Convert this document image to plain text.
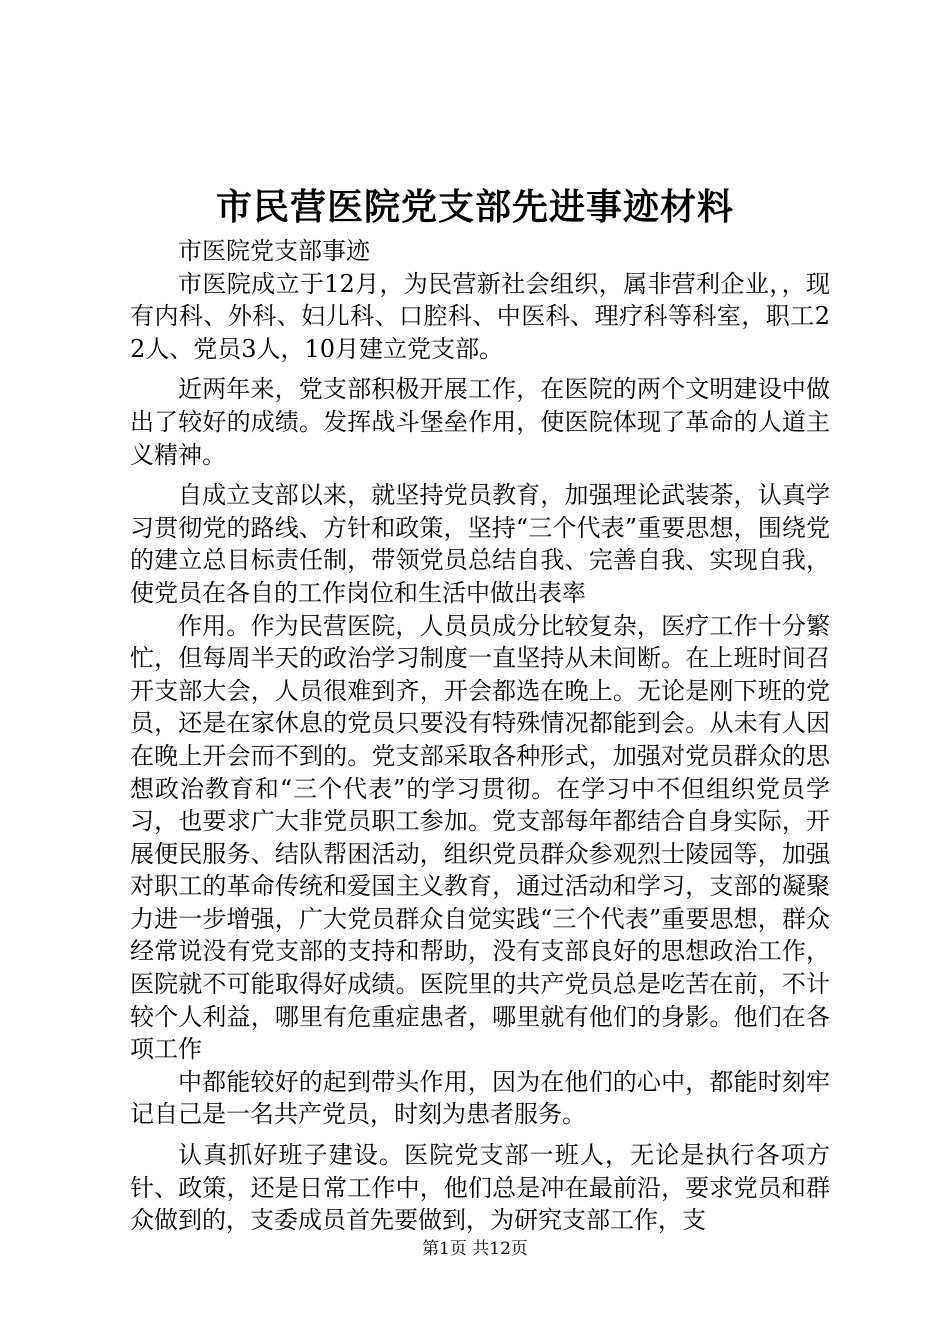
市民营医院党支部先进事迹材料

市医院党支部事迹

市医院成立于12月，为民营新社会组织，属非营利企业，，现有内科、外科、妇儿科、口腔科、中医科、理疗科等科室，职工22人、党员3人，10月建立党支部。

近两年来，党支部积极开展工作，在医院的两个文明建设中做出了较好的成绩。发挥战斗堡垒作用，使医院体现了革命的人道主义精神。

自成立支部以来，就坚持党员教育，加强理论武装荼，认真学习贯彻党的路线、方针和政策，坚持“三个代表”重要思想，围绕党的建立总目标责任制，带领党员总结自我、完善自我、实现自我，使党员在各自的工作岗位和生活中做出表率

作用。作为民营医院，人员员成分比较复杂，医疗工作十分繁忙，但每周半天的政治学习制度一直坚持从未间断。在上班时间召开支部大会，人员很难到齐，开会都选在晚上。无论是刚下班的党员，还是在家休息的党员只要没有特殊情况都能到会。从未有人因在晚上开会而不到的。党支部采取各种形式，加强对党员群众的思想政治教育和“三个代表”的学习贯彻。在学习中不但组织党员学习，也要求广大非党员职工参加。党支部每年都结合自身实际，开展便民服务、结队帮困活动，组织党员群众参观烈士陵园等，加强对职工的革命传统和爱国主义教育，通过活动和学习，支部的凝聚力进一步增强，广大党员群众自觉实践“三个代表”重要思想，群众经常说没有党支部的支持和帮助，没有支部良好的思想政治工作，医院就不可能取得好成绩。医院里的共产党员总是吃苦在前，不计较个人利益，哪里有危重症患者，哪里就有他们的身影。他们在各项工作

中都能较好的起到带头作用，因为在他们的心中，都能时刻牢记自己是一名共产党员，时刻为患者服务。

认真抓好班子建设。医院党支部一班人，无论是执行各项方针、政策，还是日常工作中，他们总是冲在最前沿，要求党员和群众做到的，支委成员首先要做到，为研究支部工作，支

第1页 共12页
